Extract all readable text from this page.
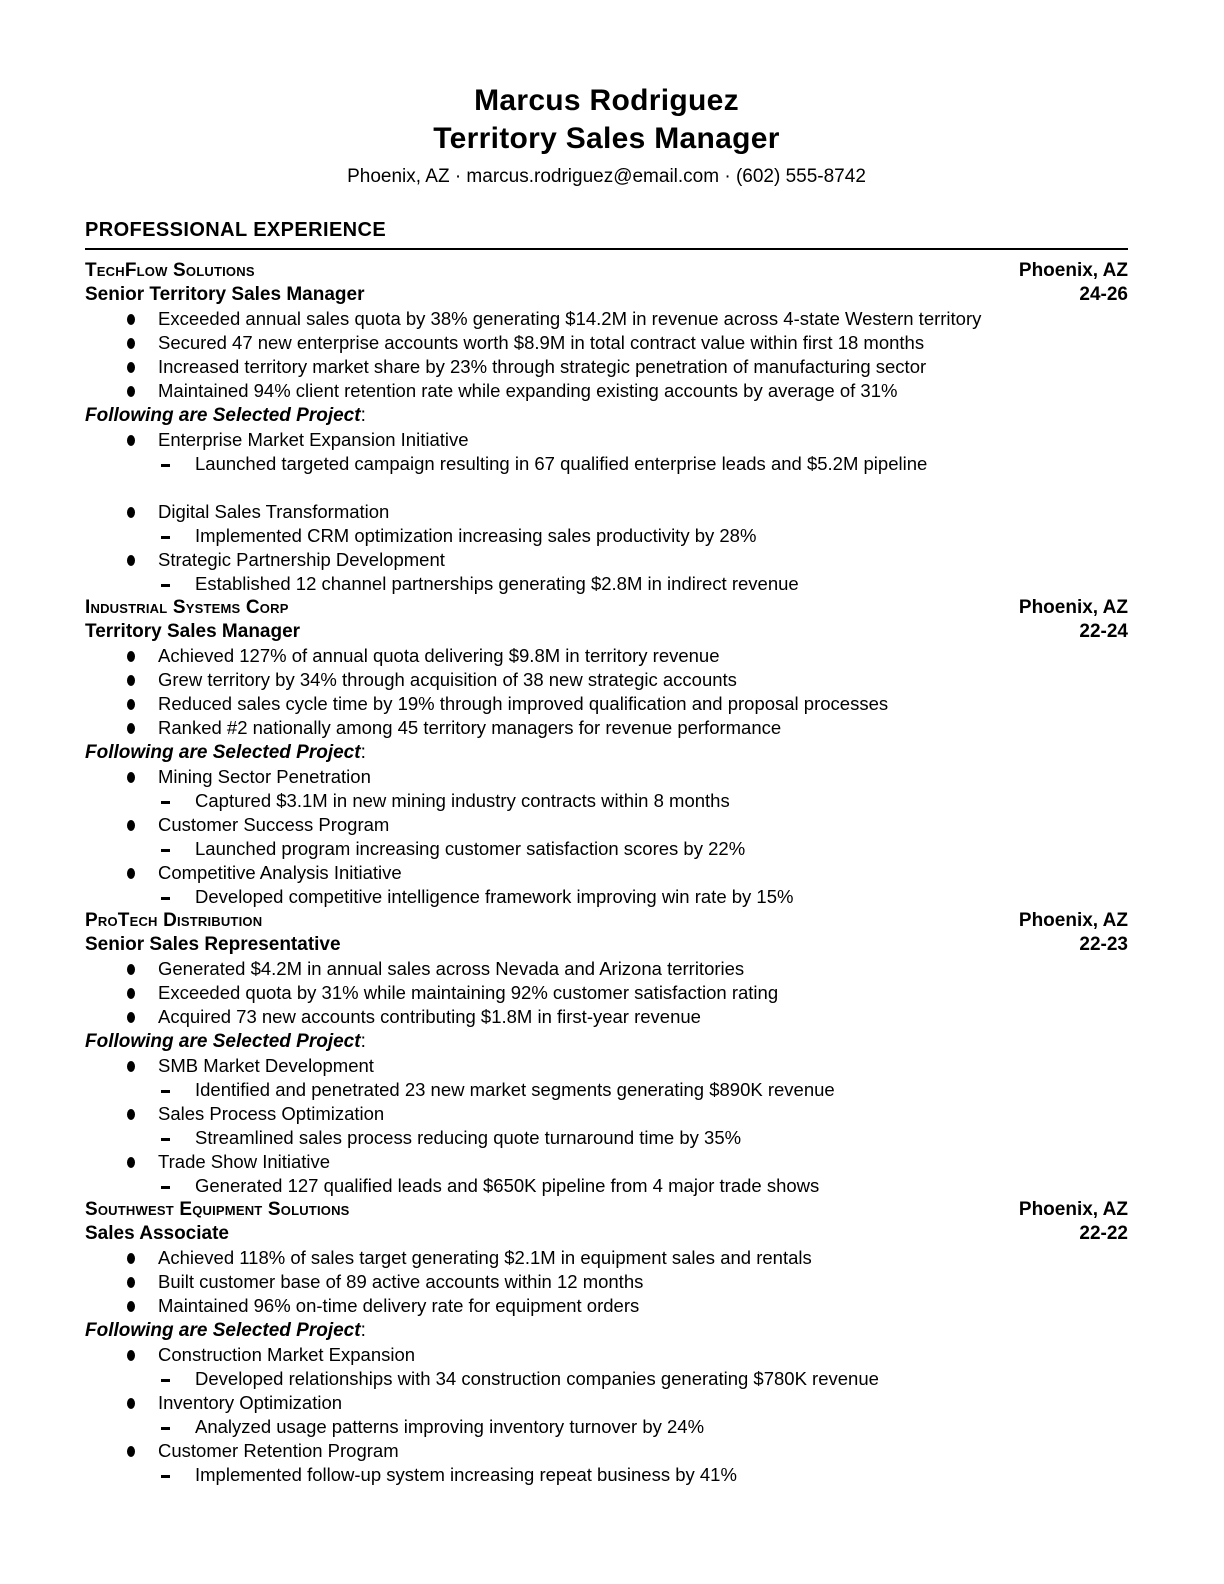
Marcus Rodriguez
Territory Sales Manager
Phoenix, AZ · marcus.rodriguez@email.com · (602) 555-8742
PROFESSIONAL EXPERIENCE
TechFlow Solutions	Phoenix, AZ
Senior Territory Sales Manager	24-26
Exceeded annual sales quota by 38% generating $14.2M in revenue across 4-state Western territory
Secured 47 new enterprise accounts worth $8.9M in total contract value within first 18 months
Increased territory market share by 23% through strategic penetration of manufacturing sector
Maintained 94% client retention rate while expanding existing accounts by average of 31%
Following are Selected Project:
Enterprise Market Expansion Initiative
Launched targeted campaign resulting in 67 qualified enterprise leads and $5.2M pipeline
Digital Sales Transformation
Implemented CRM optimization increasing sales productivity by 28%
Strategic Partnership Development
Established 12 channel partnerships generating $2.8M in indirect revenue
Industrial Systems Corp	Phoenix, AZ
Territory Sales Manager	22-24
Achieved 127% of annual quota delivering $9.8M in territory revenue
Grew territory by 34% through acquisition of 38 new strategic accounts
Reduced sales cycle time by 19% through improved qualification and proposal processes
Ranked #2 nationally among 45 territory managers for revenue performance
Following are Selected Project:
Mining Sector Penetration
Captured $3.1M in new mining industry contracts within 8 months
Customer Success Program
Launched program increasing customer satisfaction scores by 22%
Competitive Analysis Initiative
Developed competitive intelligence framework improving win rate by 15%
ProTech Distribution	Phoenix, AZ
Senior Sales Representative	22-23
Generated $4.2M in annual sales across Nevada and Arizona territories
Exceeded quota by 31% while maintaining 92% customer satisfaction rating
Acquired 73 new accounts contributing $1.8M in first-year revenue
Following are Selected Project:
SMB Market Development
Identified and penetrated 23 new market segments generating $890K revenue
Sales Process Optimization
Streamlined sales process reducing quote turnaround time by 35%
Trade Show Initiative
Generated 127 qualified leads and $650K pipeline from 4 major trade shows
Southwest Equipment Solutions	Phoenix, AZ
Sales Associate	22-22
Achieved 118% of sales target generating $2.1M in equipment sales and rentals
Built customer base of 89 active accounts within 12 months
Maintained 96% on-time delivery rate for equipment orders
Following are Selected Project:
Construction Market Expansion
Developed relationships with 34 construction companies generating $780K revenue
Inventory Optimization
Analyzed usage patterns improving inventory turnover by 24%
Customer Retention Program
Implemented follow-up system increasing repeat business by 41%
